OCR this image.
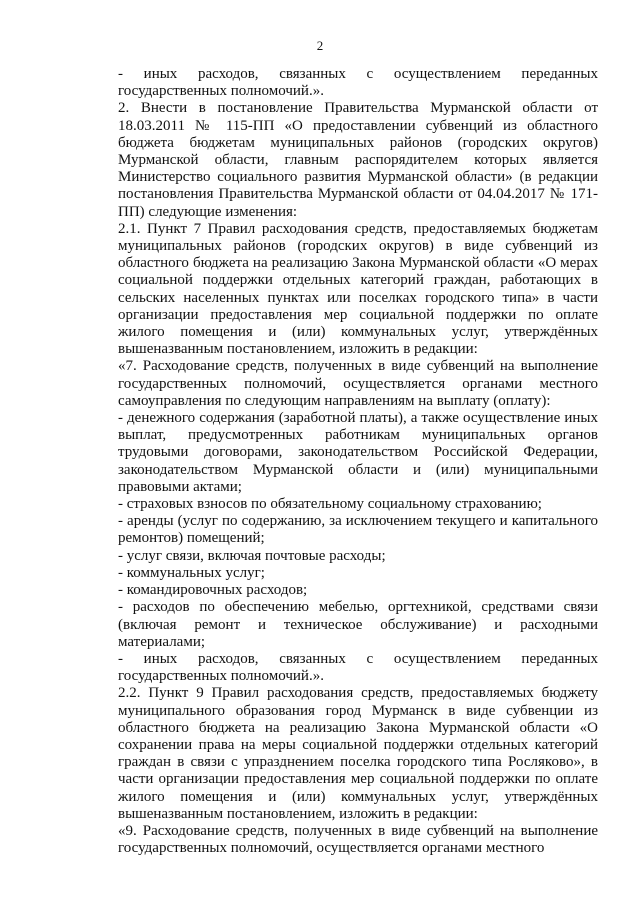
2

- иных расходов, связанных с осуществлением переданных государственных полномочий.».

2. Внести в постановление Правительства Мурманской области от 18.03.2011 № 115-ПП «О предоставлении субвенций из областного бюджета бюджетам муниципальных районов (городских округов) Мурманской области, главным распорядителем которых является Министерство социального развития Мурманской области» (в редакции постановления Правительства Мурманской области от 04.04.2017 № 171-ПП) следующие изменения:

2.1. Пункт 7 Правил расходования средств, предоставляемых бюджетам муниципальных районов (городских округов) в виде субвенций из областного бюджета на реализацию Закона Мурманской области «О мерах социальной поддержки отдельных категорий граждан, работающих в сельских населенных пунктах или поселках городского типа» в части организации предоставления мер социальной поддержки по оплате жилого помещения и (или) коммунальных услуг, утверждённых вышеназванным постановлением, изложить в редакции:

«7. Расходование средств, полученных в виде субвенций на выполнение государственных полномочий, осуществляется органами местного самоуправления по следующим направлениям на выплату (оплату):

- денежного содержания (заработной платы), а также осуществление иных выплат, предусмотренных работникам муниципальных органов трудовыми договорами, законодательством Российской Федерации, законодательством Мурманской области и (или) муниципальными правовыми актами;

- страховых взносов по обязательному социальному страхованию;

- аренды (услуг по содержанию, за исключением текущего и капитального ремонтов) помещений;

- услуг связи, включая почтовые расходы;

- коммунальных услуг;

- командировочных расходов;

- расходов по обеспечению мебелью, оргтехникой, средствами связи (включая ремонт и техническое обслуживание) и расходными материалами;

- иных расходов, связанных с осуществлением переданных государственных полномочий.».

2.2. Пункт 9 Правил расходования средств, предоставляемых бюджету муниципального образования город Мурманск в виде субвенции из областного бюджета на реализацию Закона Мурманской области «О сохранении права на меры социальной поддержки отдельных категорий граждан в связи с упразднением поселка городского типа Росляково», в части организации предоставления мер социальной поддержки по оплате жилого помещения и (или) коммунальных услуг, утверждённых вышеназванным постановлением, изложить в редакции:

«9. Расходование средств, полученных в виде субвенций на выполнение государственных полномочий, осуществляется органами местного
